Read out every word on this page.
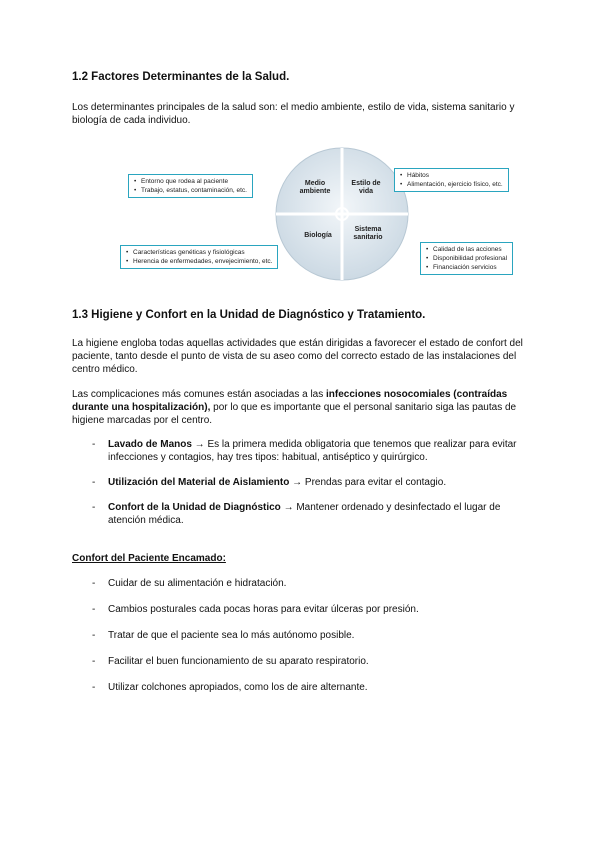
1.2 Factores Determinantes de la Salud.

Los determinantes principales de la salud son: el medio ambiente, estilo de vida, sistema sanitario y biología de cada individuo.

Medio ambiente
Estilo de vida
Biología
Sistema sanitario
• Entorno que rodea al paciente
• Trabajo, estatus, contaminación, etc.
• Hábitos
• Alimentación, ejercicio físico, etc.
• Características genéticas y fisiológicas
• Herencia de enfermedades, envejecimiento, etc.
• Calidad de las acciones
• Disponibilidad profesional
• Financiación servicios
1.3 Higiene y Confort en la Unidad de Diagnóstico y Tratamiento.

La higiene engloba todas aquellas actividades que están dirigidas a favorecer el estado de confort del paciente, tanto desde el punto de vista de su aseo como del correcto estado de las instalaciones del centro médico.

Las complicaciones más comunes están asociadas a las infecciones nosocomiales (contraídas durante una hospitalización), por lo que es importante que el personal sanitario siga las pautas de higiene marcadas por el centro.

- Lavado de Manos → Es la primera medida obligatoria que tenemos que realizar para evitar infecciones y contagios, hay tres tipos: habitual, antiséptico y quirúrgico.
- Utilización del Material de Aislamiento → Prendas para evitar el contagio.
- Confort de la Unidad de Diagnóstico → Mantener ordenado y desinfectado el lugar de atención médica.

Confort del Paciente Encamado:

- Cuidar de su alimentación e hidratación.
- Cambios posturales cada pocas horas para evitar úlceras por presión.
- Tratar de que el paciente sea lo más autónomo posible.
- Facilitar el buen funcionamiento de su aparato respiratorio.
- Utilizar colchones apropiados, como los de aire alternante.
